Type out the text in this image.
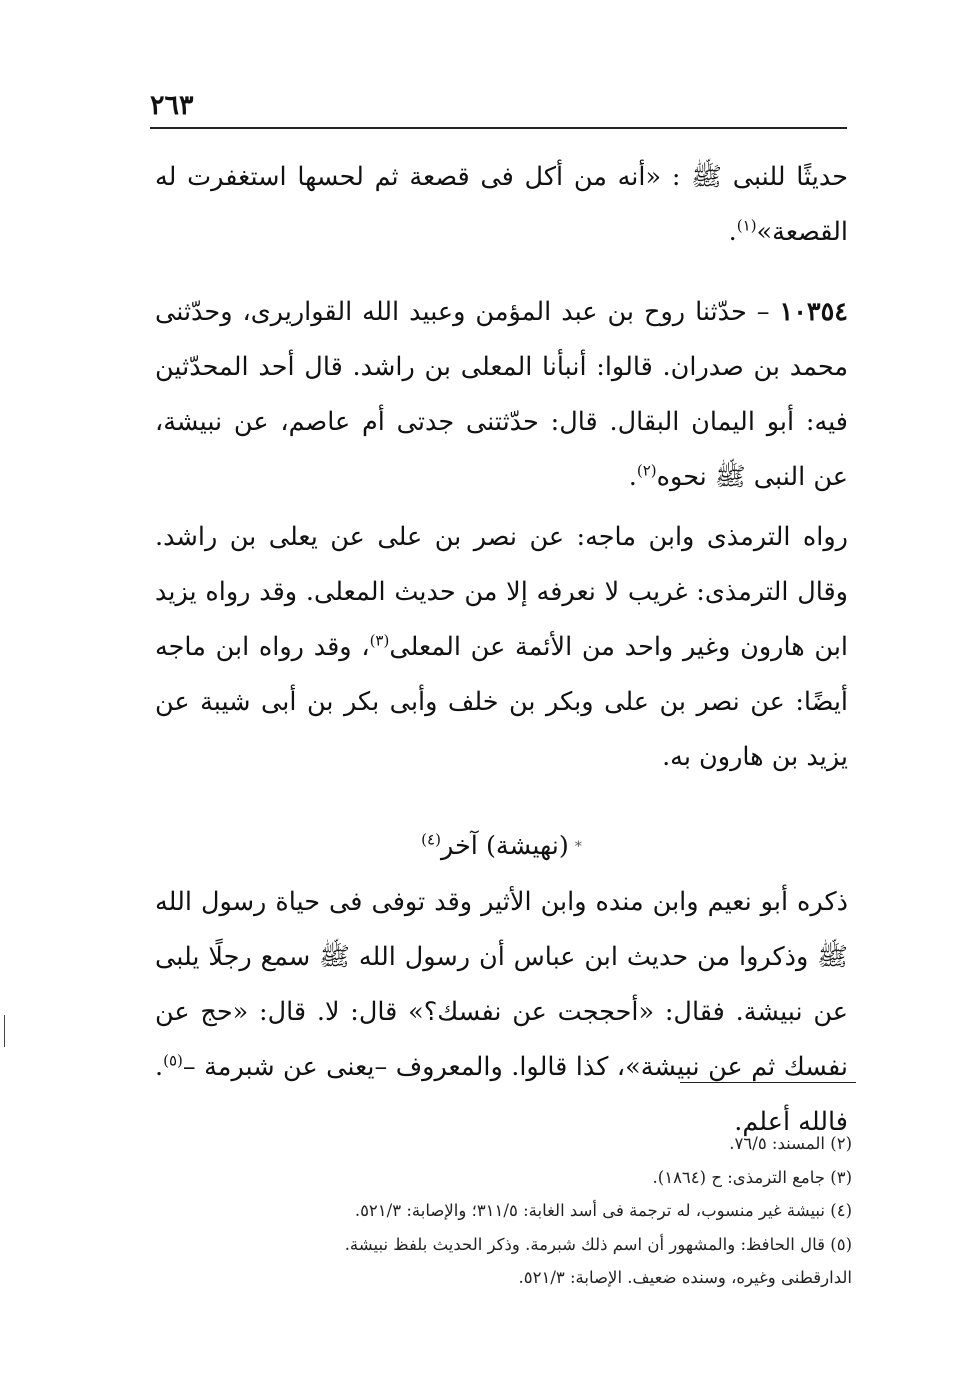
٢٦٣

حديثًا للنبى ﷺ : «أنه من أكل فى قصعة ثم لحسها استغفرت له القصعة»$^{(١)}$.

١٠٣٥٤ – حدّثنا روح بن عبد المؤمن وعبيد الله القواريرى، وحدّثنى محمد بن صدران. قالوا: أنبأنا المعلى بن راشد. قال أحد المحدّثين فيه: أبو اليمان البقال. قال: حدّثتنى جدتى أم عاصم، عن نبيشة، عن النبى ﷺ نحوه$^{(٢)}$.

رواه الترمذى وابن ماجه: عن نصر بن على عن يعلى بن راشد. وقال الترمذى: غريب لا نعرفه إلا من حديث المعلى. وقد رواه يزيد ابن هارون وغير واحد من الأئمة عن المعلى$^{(٣)}$، وقد رواه ابن ماجه أيضًا: عن نصر بن على وبكر بن خلف وأبى بكر بن أبى شيبة عن يزيد بن هارون به.

*(نهيشة) آخر$^{(٤)}$

ذكره أبو نعيم وابن منده وابن الأثير وقد توفى فى حياة رسول الله ﷺ وذكروا من حديث ابن عباس أن رسول الله ﷺ سمع رجلًا يلبى عن نبيشة. فقال: «أحججت عن نفسك؟» قال: لا. قال: «حج عن نفسك ثم عن نبيشة»، كذا قالوا. والمعروف –يعنى عن شبرمة –$^{(٥)}$. فالله أعلم.

(٢) المسند: ٧٦/٥.
(٣) جامع الترمذى: ح (١٨٦٤).
(٤) نبيشة غير منسوب، له ترجمة فى أسد الغابة: ٣١١/٥؛ والإصابة: ٥٢١/٣.
(٥) قال الحافظ: والمشهور أن اسم ذلك شبرمة. وذكر الحديث بلفظ نبيشة.
الدارقطنى وغيره، وسنده ضعيف. الإصابة: ٥٢١/٣.
